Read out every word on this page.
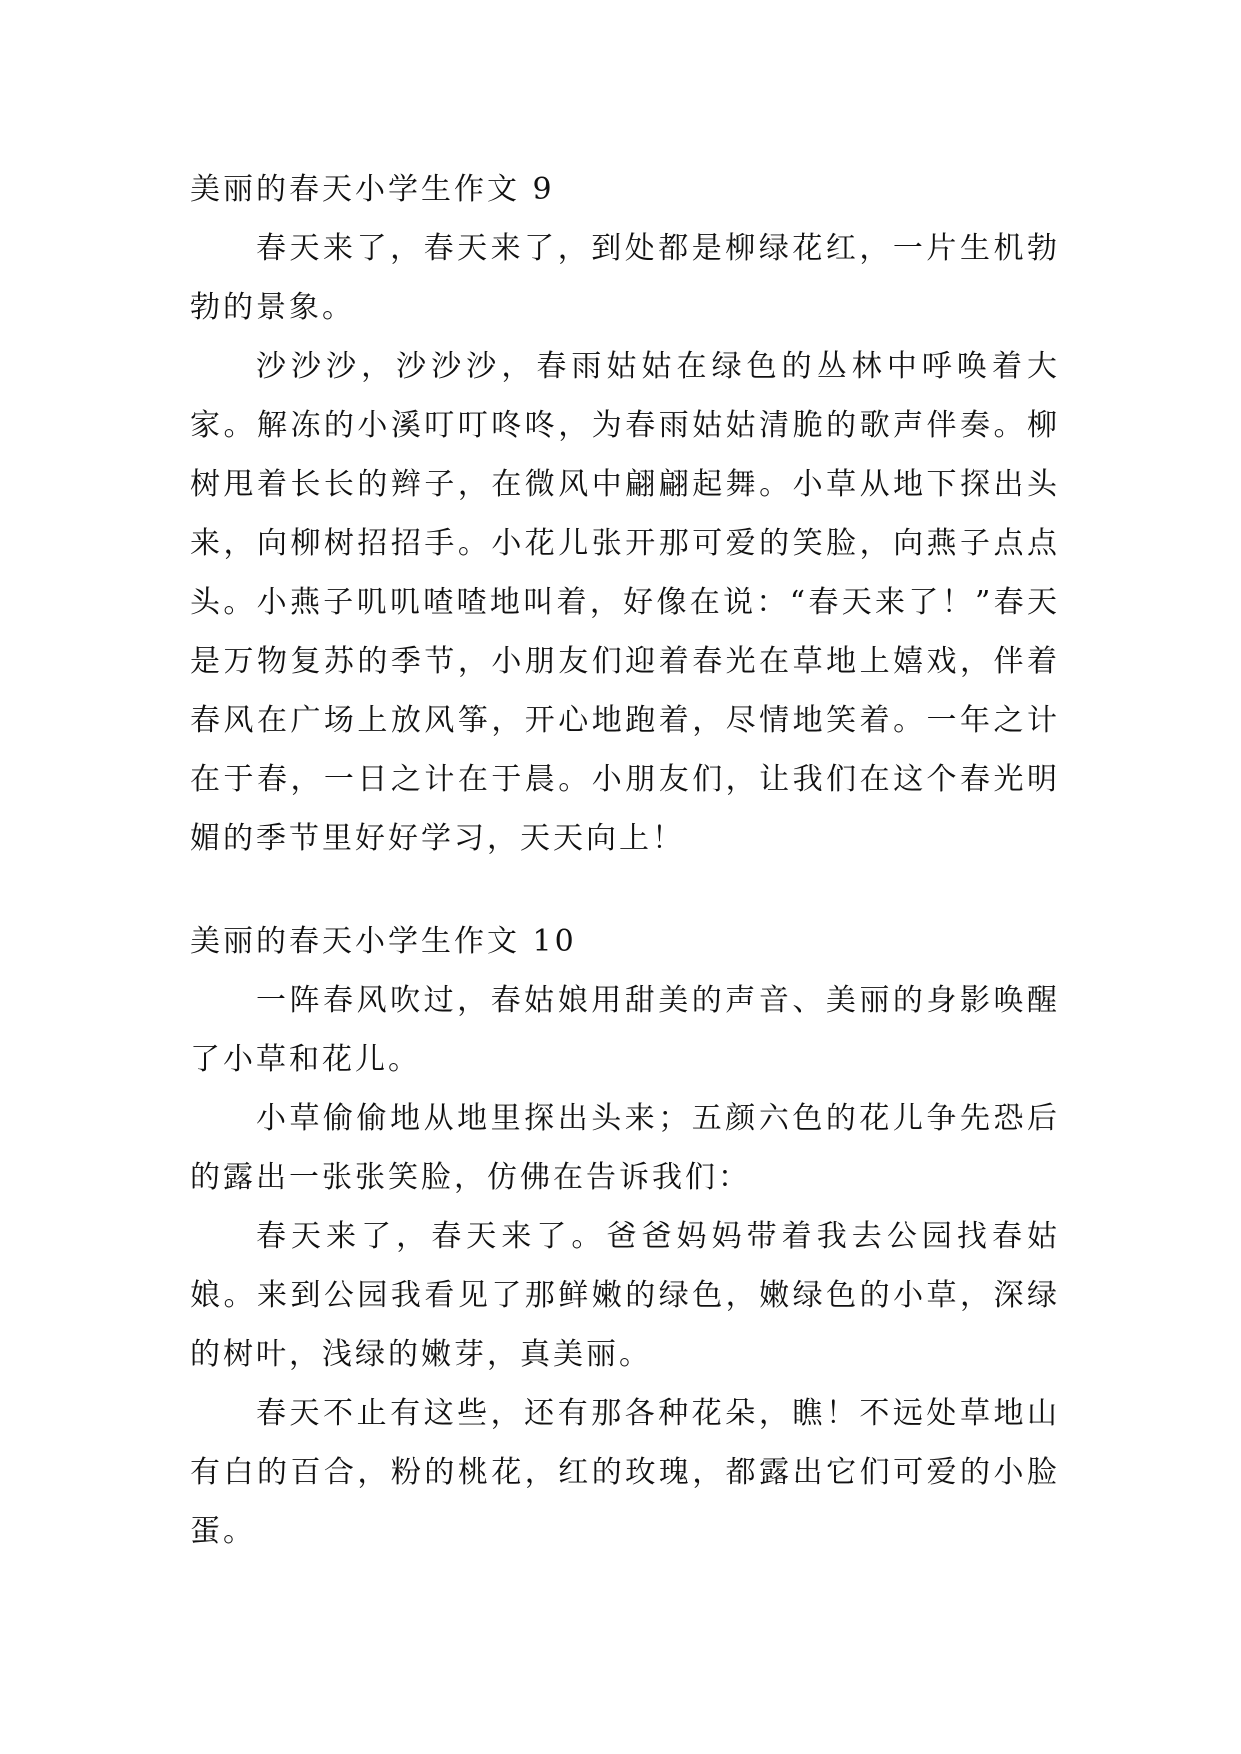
美丽的春天小学生作文 9

春天来了，春天来了，到处都是柳绿花红，一片生机勃勃的景象。

沙沙沙，沙沙沙，春雨姑姑在绿色的丛林中呼唤着大家。解冻的小溪叮叮咚咚，为春雨姑姑清脆的歌声伴奏。柳树甩着长长的辫子，在微风中翩翩起舞。小草从地下探出头来，向柳树招招手。小花儿张开那可爱的笑脸，向燕子点点头。小燕子叽叽喳喳地叫着，好像在说：“春天来了！”春天是万物复苏的季节，小朋友们迎着春光在草地上嬉戏，伴着春风在广场上放风筝，开心地跑着，尽情地笑着。一年之计在于春，一日之计在于晨。小朋友们，让我们在这个春光明媚的季节里好好学习，天天向上！

美丽的春天小学生作文 10

一阵春风吹过，春姑娘用甜美的声音、美丽的身影唤醒了小草和花儿。

小草偷偷地从地里探出头来；五颜六色的花儿争先恐后的露出一张张笑脸，仿佛在告诉我们：

春天来了，春天来了。爸爸妈妈带着我去公园找春姑娘。来到公园我看见了那鲜嫩的绿色，嫩绿色的小草，深绿的树叶，浅绿的嫩芽，真美丽。

春天不止有这些，还有那各种花朵，瞧！不远处草地山有白的百合，粉的桃花，红的玫瑰，都露出它们可爱的小脸蛋。
